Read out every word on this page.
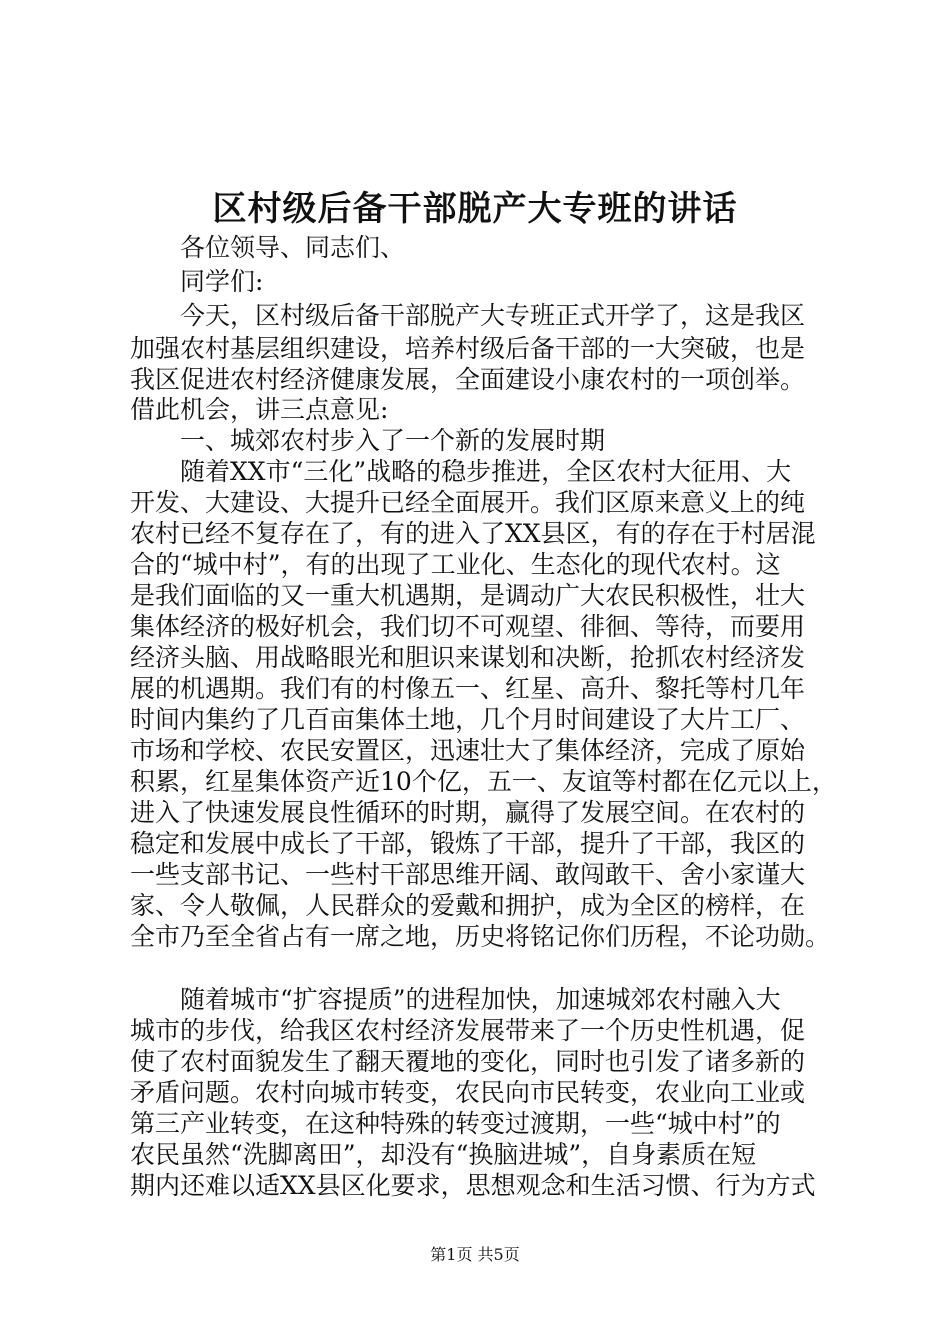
区村级后备干部脱产大专班的讲话
各位领导、同志们、
同学们:
今天，区村级后备干部脱产大专班正式开学了，这是我区
加强农村基层组织建设，培养村级后备干部的一大突破，也是
我区促进农村经济健康发展，全面建设小康农村的一项创举。
借此机会，讲三点意见:
一、城郊农村步入了一个新的发展时期
随着XX市“三化”战略的稳步推进，全区农村大征用、大
开发、大建设、大提升已经全面展开。我们区原来意义上的纯
农村已经不复存在了，有的进入了XX县区，有的存在于村居混
合的“城中村”，有的出现了工业化、生态化的现代农村。这
是我们面临的又一重大机遇期，是调动广大农民积极性，壮大
集体经济的极好机会，我们切不可观望、徘徊、等待，而要用
经济头脑、用战略眼光和胆识来谋划和决断，抢抓农村经济发
展的机遇期。我们有的村像五一、红星、高升、黎托等村几年
时间内集约了几百亩集体土地，几个月时间建设了大片工厂、
市场和学校、农民安置区，迅速壮大了集体经济，完成了原始
积累，红星集体资产近10个亿，五一、友谊等村都在亿元以上，
进入了快速发展良性循环的时期，赢得了发展空间。在农村的
稳定和发展中成长了干部，锻炼了干部，提升了干部，我区的
一些支部书记、一些村干部思维开阔、敢闯敢干、舍小家谨大
家、令人敬佩，人民群众的爱戴和拥护，成为全区的榜样，在
全市乃至全省占有一席之地，历史将铭记你们历程，不论功勋。
随着城市“扩容提质”的进程加快，加速城郊农村融入大
城市的步伐，给我区农村经济发展带来了一个历史性机遇，促
使了农村面貌发生了翻天覆地的变化，同时也引发了诸多新的
矛盾问题。农村向城市转变，农民向市民转变，农业向工业或
第三产业转变，在这种特殊的转变过渡期，一些“城中村”的
农民虽然“洗脚离田”，却没有“换脑进城”，自身素质在短
期内还难以适XX县区化要求，思想观念和生活习惯、行为方式
第1页 共5页
